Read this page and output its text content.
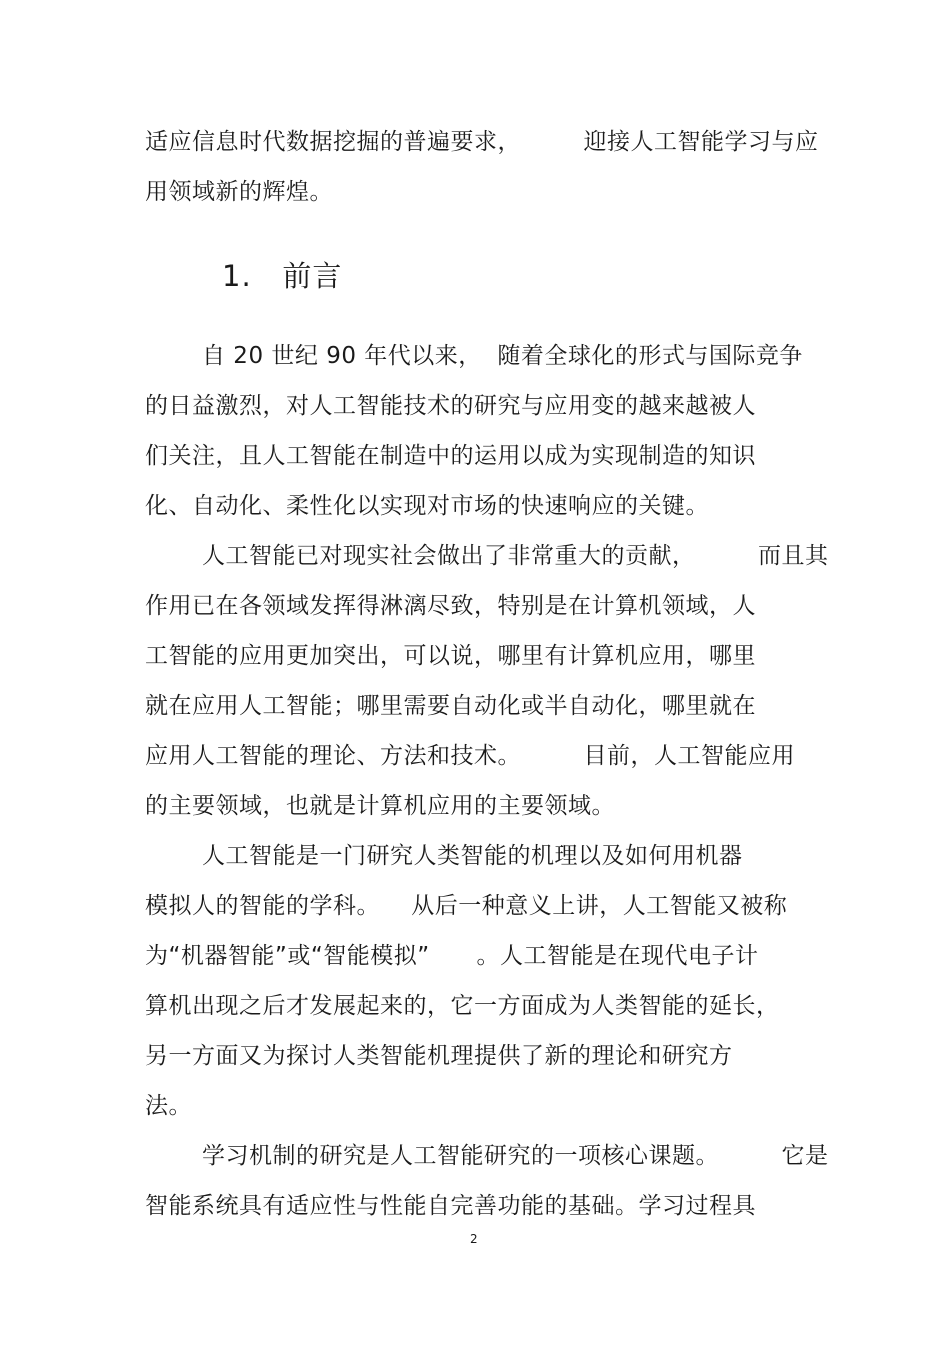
适应信息时代数据挖掘的普遍要求，        迎接人工智能学习与应
用领域新的辉煌。
1.   前言
自 20 世纪 90 年代以来，  随着全球化的形式与国际竞争
的日益激烈，对人工智能技术的研究与应用变的越来越被人
们关注，且人工智能在制造中的运用以成为实现制造的知识
化、自动化、柔性化以实现对市场的快速响应的关键。
人工智能已对现实社会做出了非常重大的贡献，        而且其
作用已在各领域发挥得淋漓尽致，特别是在计算机领域，人
工智能的应用更加突出，可以说，哪里有计算机应用，哪里
就在应用人工智能；哪里需要自动化或半自动化，哪里就在
应用人工智能的理论、方法和技术。        目前，人工智能应用
的主要领域，也就是计算机应用的主要领域。
人工智能是一门研究人类智能的机理以及如何用机器
模拟人的智能的学科。    从后一种意义上讲，人工智能又被称
为“机器智能”或“智能模拟”      。人工智能是在现代电子计
算机出现之后才发展起来的，它一方面成为人类智能的延长，
另一方面又为探讨人类智能机理提供了新的理论和研究方
法。
学习机制的研究是人工智能研究的一项核心课题。        它是
智能系统具有适应性与性能自完善功能的基础。学习过程具
2
